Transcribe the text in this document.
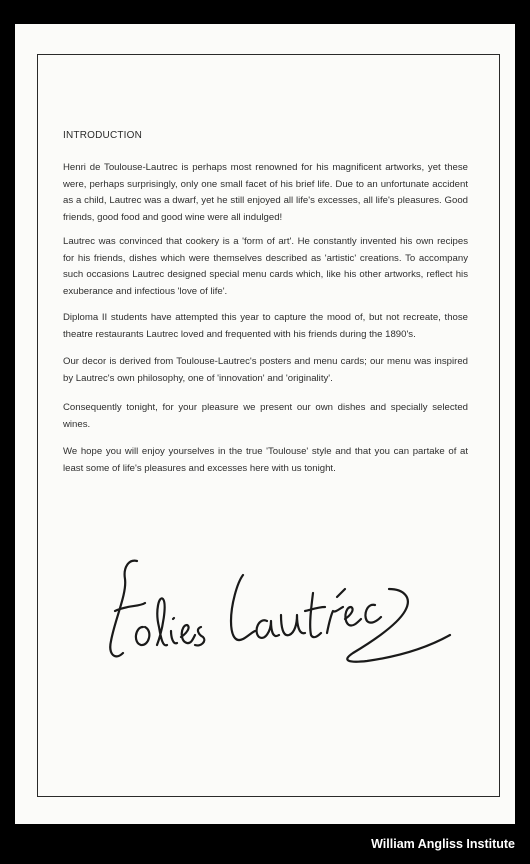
INTRODUCTION

Henri de Toulouse-Lautrec is perhaps most renowned for his magnificent artworks, yet these were, perhaps surprisingly, only one small facet of his brief life. Due to an unfortunate accident as a child, Lautrec was a dwarf, yet he still enjoyed all life's excesses, all life's pleasures. Good friends, good food and good wine were all indulged!

Lautrec was convinced that cookery is a 'form of art'. He constantly invented his own recipes for his friends, dishes which were themselves described as 'artistic' creations. To accompany such occasions Lautrec designed special menu cards which, like his other artworks, reflect his exuberance and infectious 'love of life'.

Diploma II students have attempted this year to capture the mood of, but not recreate, those theatre restaurants Lautrec loved and frequented with his friends during the 1890's.

Our decor is derived from Toulouse-Lautrec's posters and menu cards; our menu was inspired by Lautrec's own philosophy, one of 'innovation' and 'originality'.

Consequently tonight, for your pleasure we present our own dishes and specially selected wines.

We hope you will enjoy yourselves in the true 'Toulouse' style and that you can partake of at least some of life's pleasures and excesses here with us tonight.

William Angliss Institute
